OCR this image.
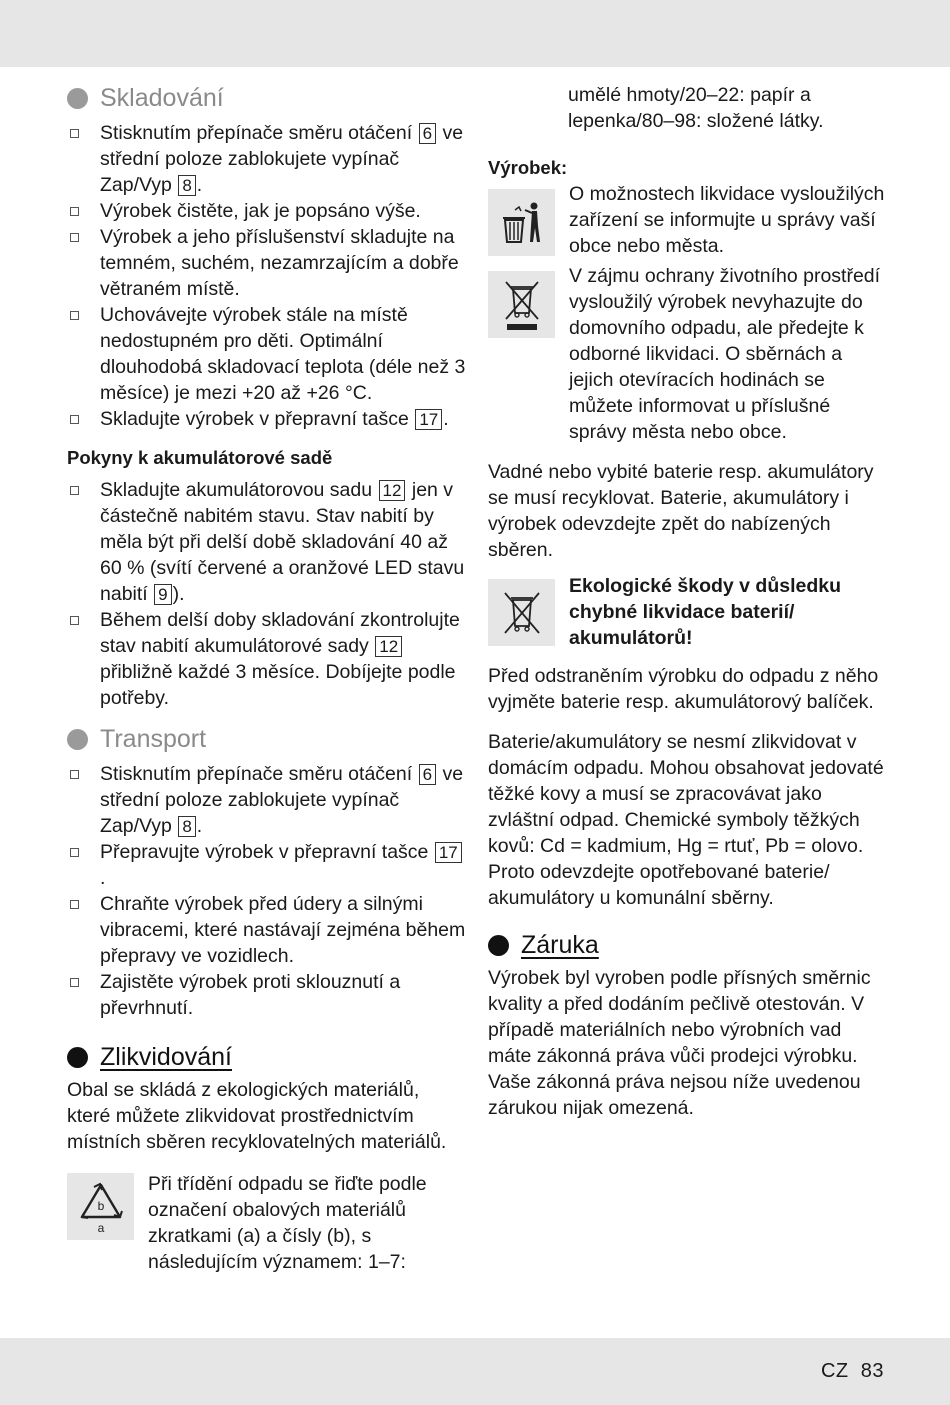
Skladování
Stisknutím přepínače směru otáčení 6 ve střední poloze zablokujete vypínač Zap/Vyp 8 .
Výrobek čistěte, jak je popsáno výše.
Výrobek a jeho příslušenství skladujte na temném, suchém, nezamrzajícím a dobře větraném místě.
Uchovávejte výrobek stále na místě nedostupném pro děti. Optimální dlouhodobá skladovací teplota (déle než 3 měsíce) je mezi +20 až +26 °C.
Skladujte výrobek v přepravní tašce 17 .
Pokyny k akumulátorové sadě
Skladujte akumulátorovou sadu 12 jen v částečně nabitém stavu. Stav nabití by měla být při delší době skladování 40 až 60 % (svítí červené a oranžové LED stavu nabití 9 ).
Během delší doby skladování zkontrolujte stav nabití akumulátorové sady 12 přibližně každé 3 měsíce. Dobíjejte podle potřeby.
Transport
Stisknutím přepínače směru otáčení 6 ve střední poloze zablokujete vypínač Zap/Vyp 8 .
Přepravujte výrobek v přepravní tašce 17.
Chraňte výrobek před údery a silnými vibracemi, které nastávají zejména během přepravy ve vozidlech.
Zajistěte výrobek proti sklouznutí a převrhnutí.
Zlikvidování

Obal se skládá z ekologických materiálů, které můžete zlikvidovat prostřednictvím místních sběren recyklovatelných materiálů.

b
a

Při třídění odpadu se řiďte podle označení obalových materiálů zkratkami (a) a čísly (b), s následujícím významem: 1–7:

umělé hmoty/20–22: papír a lepenka/80–98: složené látky.

Výrobek:

O možnostech likvidace vysloužilých zařízení se informujte u správy vaší obce nebo města.

V zájmu ochrany životního prostředí vysloužilý výrobek nevyhazujte do domovního odpadu, ale předejte k odborné likvidaci. O sběrnách a jejich otevíracích hodinách se můžete informovat u příslušné správy města nebo obce.

Vadné nebo vybité baterie resp. akumulátory se musí recyklovat. Baterie, akumulátory i výrobek odevzdejte zpět do nabízených sběren.

Ekologické škody v důsledku chybné likvidace baterií/ akumulátorů!

Před odstraněním výrobku do odpadu z něho vyjměte baterie resp. akumulátorový balíček.

Baterie/akumulátory se nesmí zlikvidovat v domácím odpadu. Mohou obsahovat jedovaté těžké kovy a musí se zpracovávat jako zvláštní odpad. Chemické symboly těžkých kovů: Cd = kadmium, Hg = rtuť, Pb = olovo. Proto odevzdejte opotřebované baterie/ akumulátory u komunální sběrny.

Záruka

Výrobek byl vyroben podle přísných směrnic kvality a před dodáním pečlivě otestován. V případě materiálních nebo výrobních vad máte zákonná práva vůči prodejci výrobku. Vaše zákonná práva nejsou níže uvedenou zárukou nijak omezená.

CZ 83
